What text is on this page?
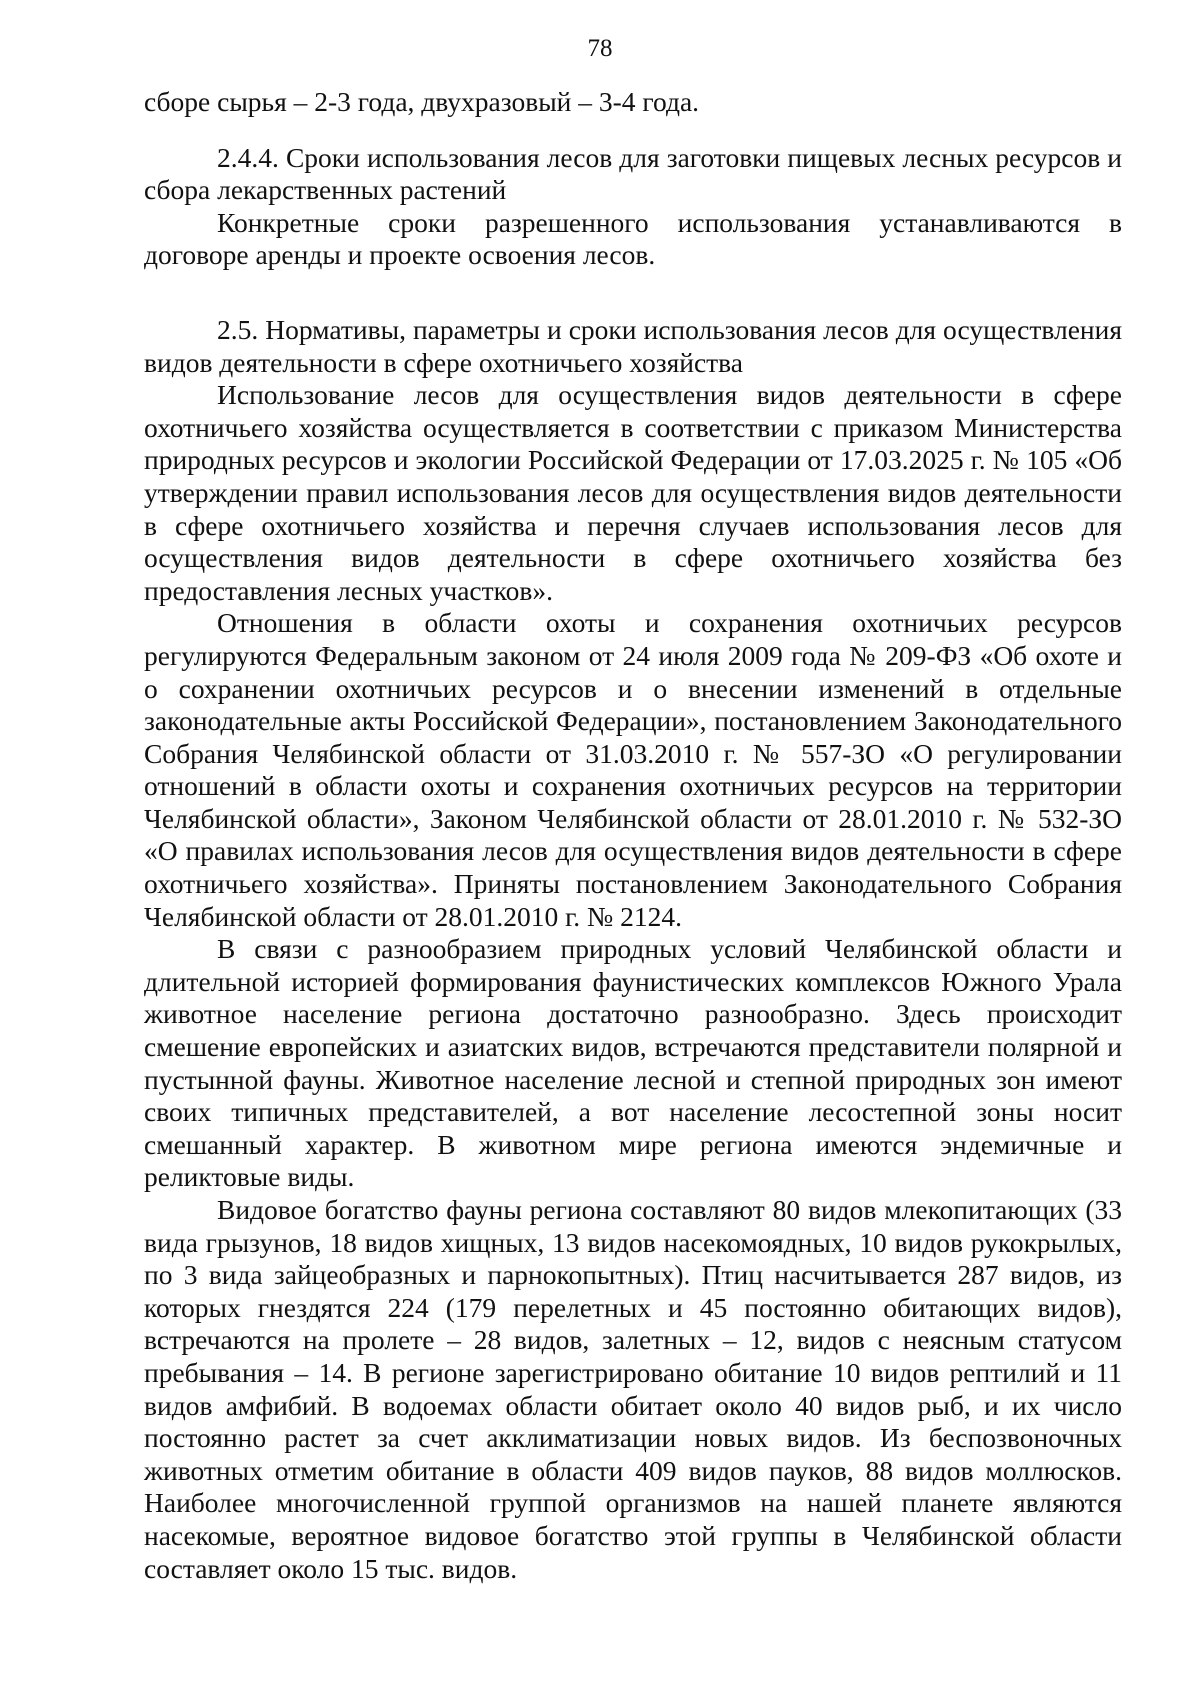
78

сборе сырья – 2-3 года, двухразовый – 3-4 года.

2.4.4. Сроки использования лесов для заготовки пищевых лесных ресурсов и сбора лекарственных растений

Конкретные сроки разрешенного использования устанавливаются в договоре аренды и проекте освоения лесов.

2.5. Нормативы, параметры и сроки использования лесов для осуществления видов деятельности в сфере охотничьего хозяйства

Использование лесов для осуществления видов деятельности в сфере охотничьего хозяйства осуществляется в соответствии с приказом Министерства природных ресурсов и экологии Российской Федерации от 17.03.2025 г. № 105 «Об утверждении правил использования лесов для осуществления видов деятельности в сфере охотничьего хозяйства и перечня случаев использования лесов для осуществления видов деятельности в сфере охотничьего хозяйства без предоставления лесных участков».

Отношения в области охоты и сохранения охотничьих ресурсов регулируются Федеральным законом от 24 июля 2009 года № 209-ФЗ «Об охоте и о сохранении охотничьих ресурсов и о внесении изменений в отдельные законодательные акты Российской Федерации», постановлением Законодательного Собрания Челябинской области от 31.03.2010 г. № 557-ЗО «О регулировании отношений в области охоты и сохранения охотничьих ресурсов на территории Челябинской области», Законом Челябинской области от 28.01.2010 г. № 532-ЗО «О правилах использования лесов для осуществления видов деятельности в сфере охотничьего хозяйства». Приняты постановлением Законодательного Собрания Челябинской области от 28.01.2010 г. № 2124.

В связи с разнообразием природных условий Челябинской области и длительной историей формирования фаунистических комплексов Южного Урала животное население региона достаточно разнообразно. Здесь происходит смешение европейских и азиатских видов, встречаются представители полярной и пустынной фауны. Животное население лесной и степной природных зон имеют своих типичных представителей, а вот население лесостепной зоны носит смешанный характер. В животном мире региона имеются эндемичные и реликтовые виды.

Видовое богатство фауны региона составляют 80 видов млекопитающих (33 вида грызунов, 18 видов хищных, 13 видов насекомоядных, 10 видов рукокрылых, по 3 вида зайцеобразных и парнокопытных). Птиц насчитывается 287 видов, из которых гнездятся 224 (179 перелетных и 45 постоянно обитающих видов), встречаются на пролете – 28 видов, залетных – 12, видов с неясным статусом пребывания – 14. В регионе зарегистрировано обитание 10 видов рептилий и 11 видов амфибий. В водоемах области обитает около 40 видов рыб, и их число постоянно растет за счет акклиматизации новых видов. Из беспозвоночных животных отметим обитание в области 409 видов пауков, 88 видов моллюсков. Наиболее многочисленной группой организмов на нашей планете являются насекомые, вероятное видовое богатство этой группы в Челябинской области составляет около 15 тыс. видов.
